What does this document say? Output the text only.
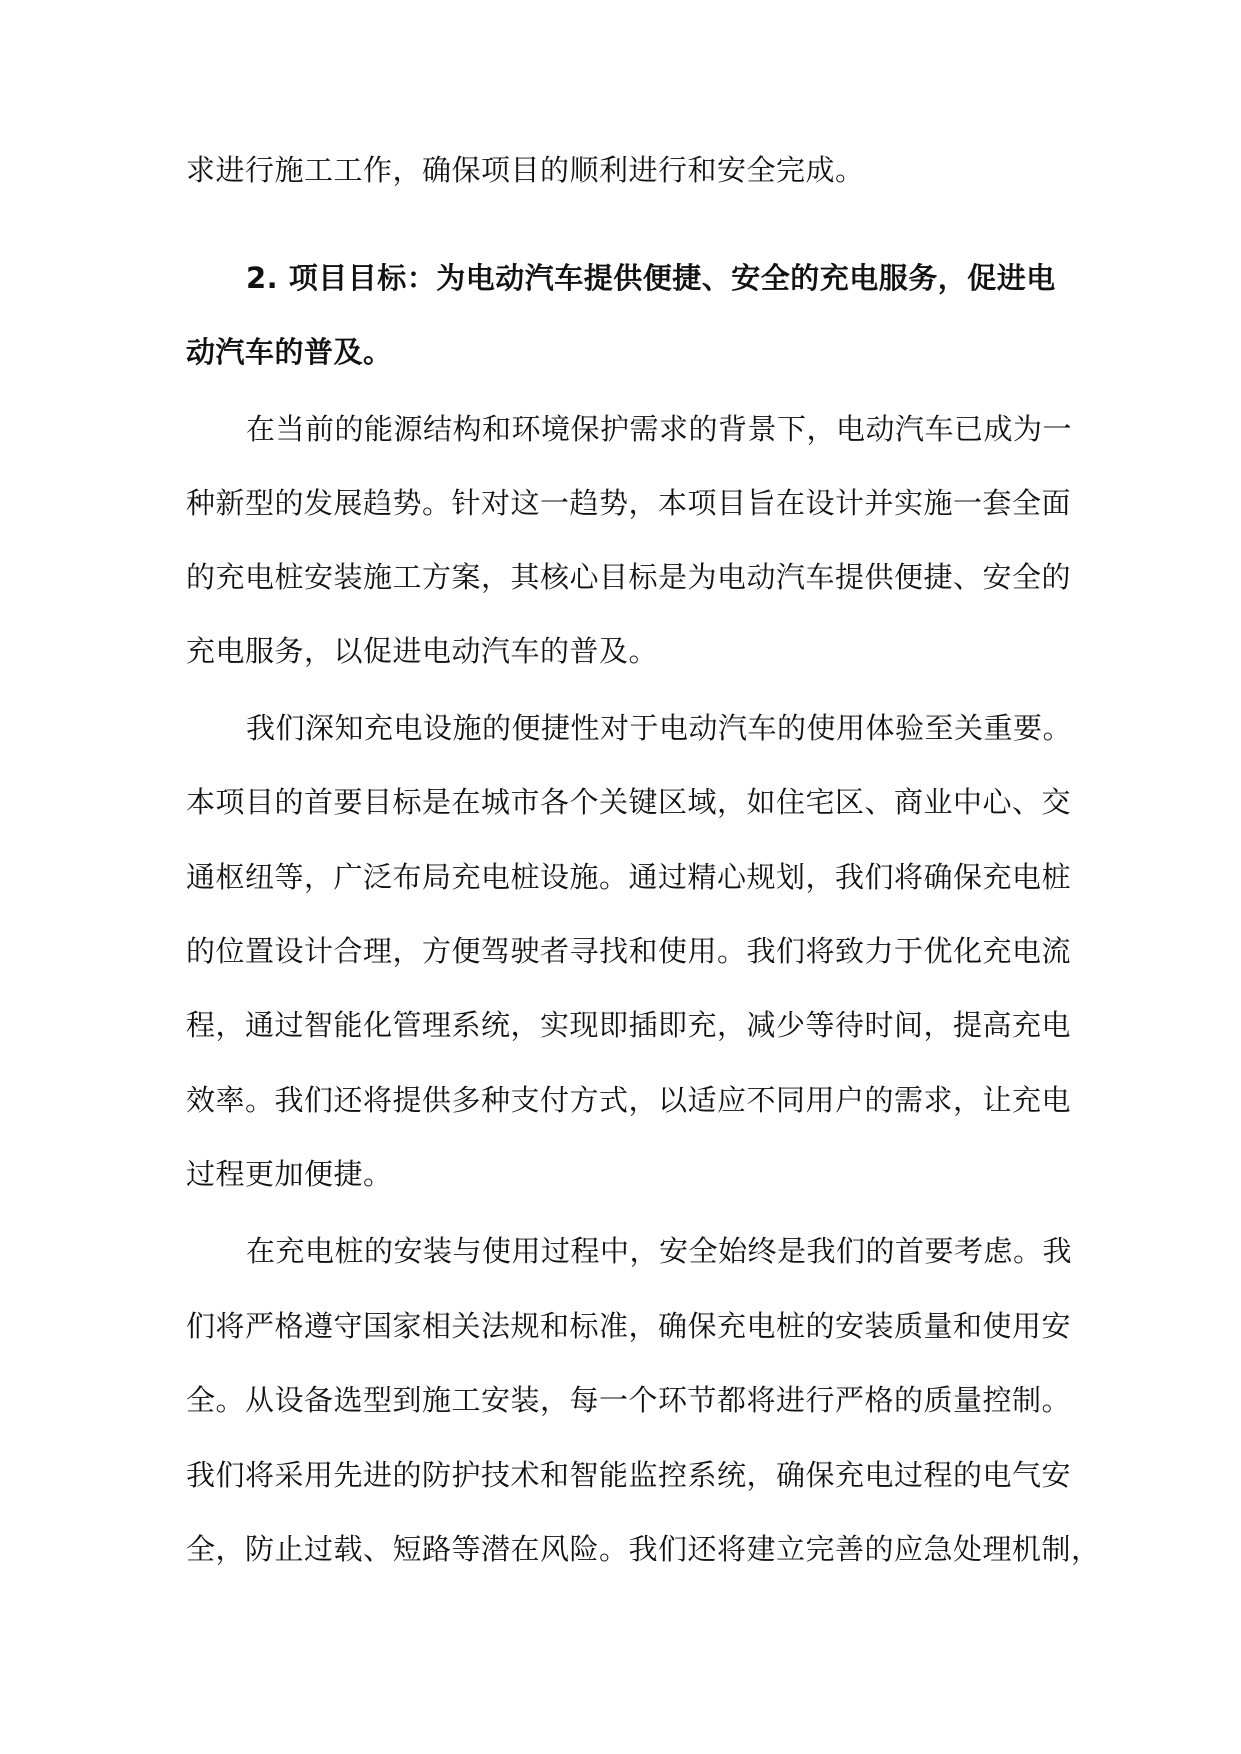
求进行施工工作，确保项目的顺利进行和安全完成。
2. 项目目标：为电动汽车提供便捷、安全的充电服务，促进电
动汽车的普及。
在当前的能源结构和环境保护需求的背景下，电动汽车已成为一
种新型的发展趋势。针对这一趋势，本项目旨在设计并实施一套全面
的充电桩安装施工方案，其核心目标是为电动汽车提供便捷、安全的
充电服务，以促进电动汽车的普及。
我们深知充电设施的便捷性对于电动汽车的使用体验至关重要。
本项目的首要目标是在城市各个关键区域，如住宅区、商业中心、交
通枢纽等，广泛布局充电桩设施。通过精心规划，我们将确保充电桩
的位置设计合理，方便驾驶者寻找和使用。我们将致力于优化充电流
程，通过智能化管理系统，实现即插即充，减少等待时间，提高充电
效率。我们还将提供多种支付方式，以适应不同用户的需求，让充电
过程更加便捷。
在充电桩的安装与使用过程中，安全始终是我们的首要考虑。我
们将严格遵守国家相关法规和标准，确保充电桩的安装质量和使用安
全。从设备选型到施工安装，每一个环节都将进行严格的质量控制。
我们将采用先进的防护技术和智能监控系统，确保充电过程的电气安
全，防止过载、短路等潜在风险。我们还将建立完善的应急处理机制，
